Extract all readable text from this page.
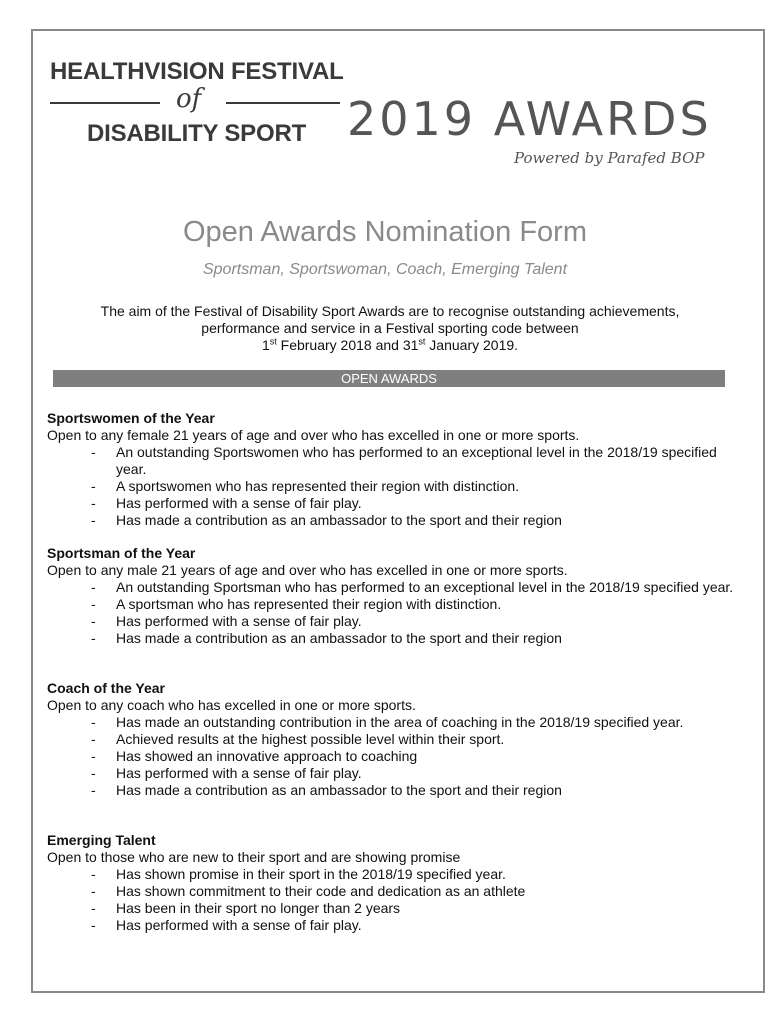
HEALTHVISION FESTIVAL
of
DISABILITY SPORT 2019 AWARDS
Powered by Parafed BOP
Open Awards Nomination Form
Sportsman, Sportswoman, Coach, Emerging Talent
The aim of the Festival of Disability Sport Awards are to recognise outstanding achievements,
performance and service in a Festival sporting code between
1st February 2018 and 31st January 2019.
OPEN AWARDS
Sportswomen of the Year
Open to any female 21 years of age and over who has excelled in one or more sports.
- An outstanding Sportswomen who has performed to an exceptional level in the 2018/19 specified year.
- A sportswomen who has represented their region with distinction.
- Has performed with a sense of fair play.
- Has made a contribution as an ambassador to the sport and their region
Sportsman of the Year
Open to any male 21 years of age and over who has excelled in one or more sports.
- An outstanding Sportsman who has performed to an exceptional level in the 2018/19 specified year.
- A sportsman who has represented their region with distinction.
- Has performed with a sense of fair play.
- Has made a contribution as an ambassador to the sport and their region
Coach of the Year
Open to any coach who has excelled in one or more sports.
- Has made an outstanding contribution in the area of coaching in the 2018/19 specified year.
- Achieved results at the highest possible level within their sport.
- Has showed an innovative approach to coaching
- Has performed with a sense of fair play.
- Has made a contribution as an ambassador to the sport and their region
Emerging Talent
Open to those who are new to their sport and are showing promise
- Has shown promise in their sport in the 2018/19 specified year.
- Has shown commitment to their code and dedication as an athlete
- Has been in their sport no longer than 2 years
- Has performed with a sense of fair play.
